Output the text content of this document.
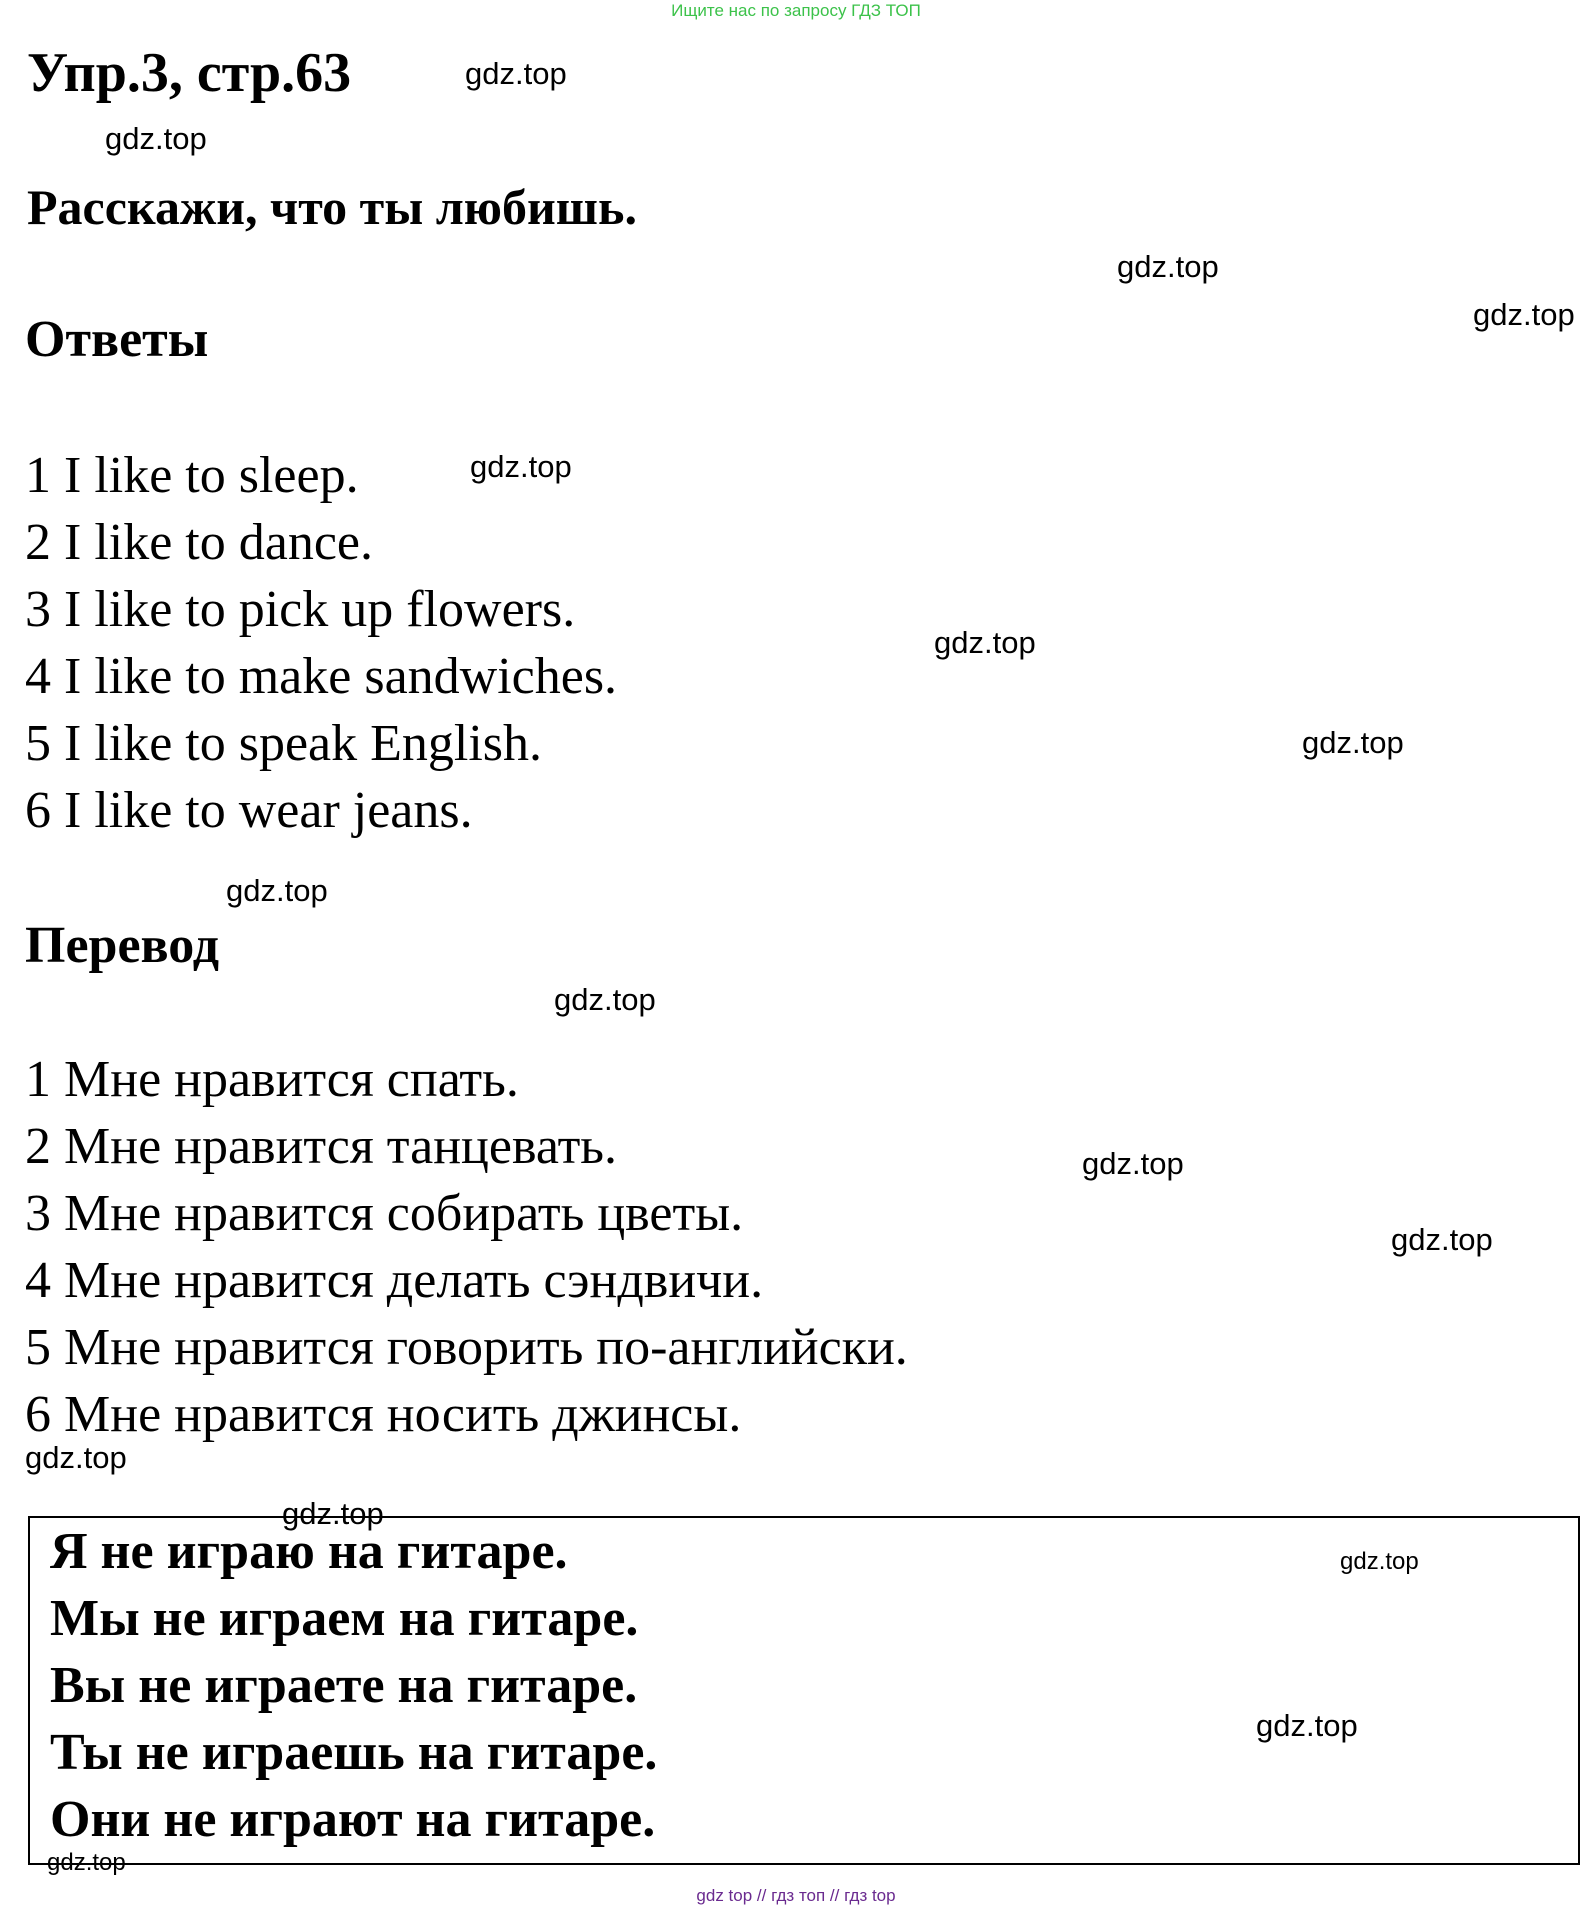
Ищите нас по запросу ГДЗ ТОП
Упр.3, стр.63
Расскажи, что ты любишь.
Ответы
1 I like to sleep.
2 I like to dance.
3 I like to pick up flowers.
4 I like to make sandwiches.
5 I like to speak English.
6 I like to wear jeans.
Перевод
1 Мне нравится спать.
2 Мне нравится танцевать.
3 Мне нравится собирать цветы.
4 Мне нравится делать сэндвичи.
5 Мне нравится говорить по-английски.
6 Мне нравится носить джинсы.
Я не играю на гитаре.
Мы не играем на гитаре.
Вы не играете на гитаре.
Ты не играешь на гитаре.
Они не играют на гитаре.
gdz.top
gdz.top
gdz.top
gdz.top
gdz.top
gdz.top
gdz.top
gdz.top
gdz.top
gdz.top
gdz.top
gdz.top
gdz.top
gdz.top
gdz.top
gdz.top
gdz top // гдз топ // гдз top
